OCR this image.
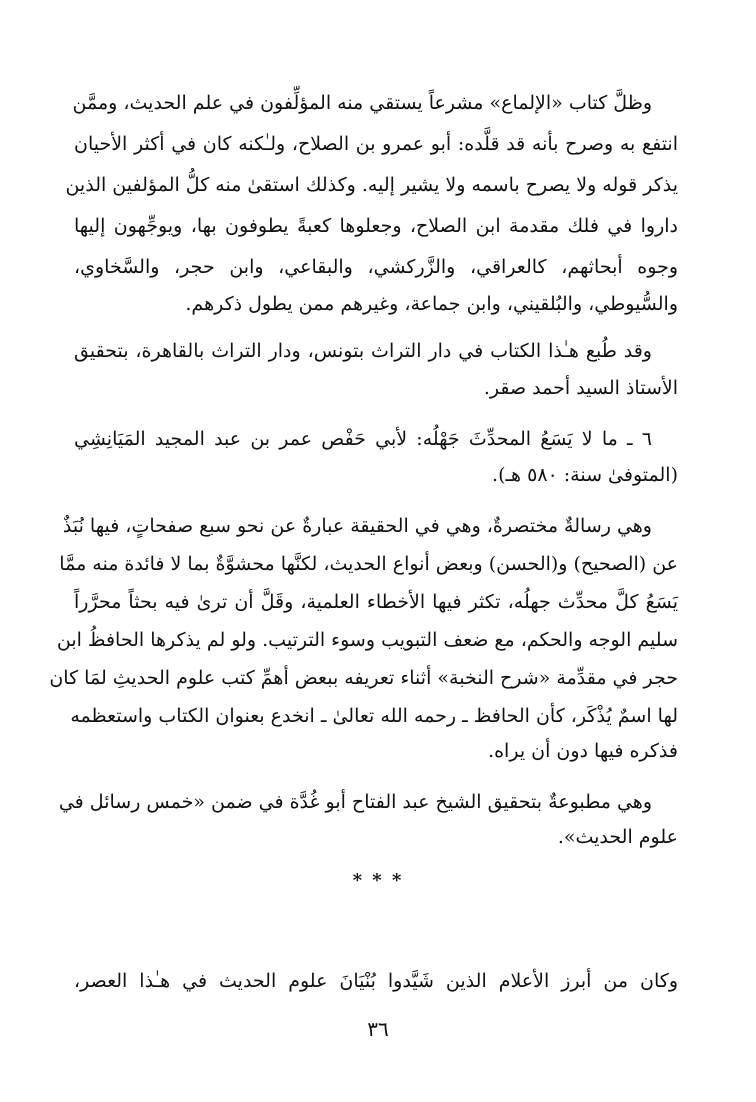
وظلَّ كتاب «الإلماع» مشرعاً يستقي منه المؤلِّفون في علم الحديث، وممَّن

انتفع به وصرح بأنه قد قلَّده: أبو عمرو بن الصلاح، ولـٰكنه كان في أكثر الأحيان

يذكر قوله ولا يصرح باسمه ولا يشير إليه. وكذلك استقىٰ منه كلُّ المؤلفين الذين

داروا في فلك مقدمة ابن الصلاح، وجعلوها كعبةً يطوفون بها، ويوجِّهون إليها

وجوه أبحاثهم، كالعراقي، والزَّركشي، والبقاعي، وابن حجر، والسَّخاوي،

والسُّيوطي، والبُلقيني، وابن جماعة، وغيرهم ممن يطول ذكرهم.

وقد طُبع هـٰذا الكتاب في دار التراث بتونس، ودار التراث بالقاهرة، بتحقيق

الأستاذ السيد أحمد صقر.

٦ ـ ما لا يَسَعُ المحدِّثَ جَهْلُه: لأبي حَفْص عمر بن عبد المجيد المَيَانِشِي

(المتوفىٰ سنة: ٥٨٠ هـ).

وهي رسالةٌ مختصرةٌ، وهي في الحقيقة عبارةٌ عن نحو سبع صفحاتٍ، فيها نُبَذٌ

عن (الصحيح) و(الحسن) وبعض أنواع الحديث، لكنَّها محشوَّةٌ بما لا فائدة منه ممَّا

يَسَعُ كلَّ محدِّث جهلُه، تكثر فيها الأخطاء العلمية، وقَلَّ أن ترىٰ فيه بحثاً محرَّراً

سليم الوجه والحكم، مع ضعف التبويب وسوء الترتيب. ولو لم يذكرها الحافظُ ابن

حجر في مقدِّمة «شرح النخبة» أثناء تعريفه ببعض أهمِّ كتب علوم الحديثِ لمَا كان

لها اسمٌ يُذْكَر، كأن الحافظ ـ رحمه الله تعالىٰ ـ انخدع بعنوان الكتاب واستعظمه

فذكره فيها دون أن يراه.

وهي مطبوعةٌ بتحقيق الشيخ عبد الفتاح أبو غُدَّة في ضمن «خمس رسائل في

علوم الحديث».

* * *

وكان من أبرز الأعلام الذين شَيَّدوا بُنْيَانَ علوم الحديث في هـٰذا العصر،

٣٦
